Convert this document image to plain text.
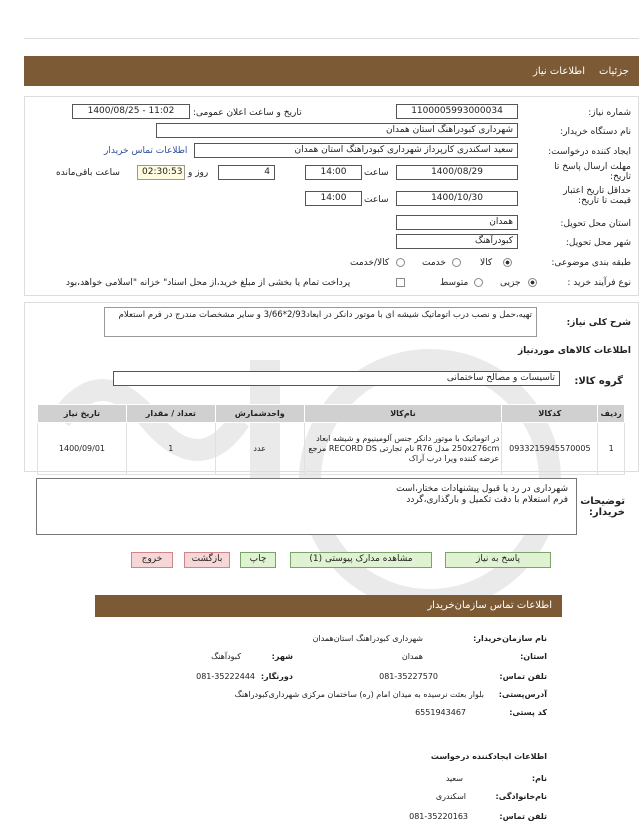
جزئیات
اطلاعات نیاز
شماره نیاز:
1100005993000034
تاریخ و ساعت اعلان عمومی:
1400/08/25 - 11:02
نام دستگاه خریدار:
شهرداری کبودراهنگ استان همدان
ایجاد کننده درخواست:
سعید اسکندری کارپرداز شهرداری کبودراهنگ استان همدان
اطلاعات تماس خریدار
مهلت ارسال پاسخ تا تاریخ:
1400/08/29
ساعت
14:00
4
روز و
02:30:53
ساعت باقی‌مانده
حداقل تاریخ اعتبار قیمت تا تاریخ:
1400/10/30
ساعت
14:00
استان محل تحویل:
همدان
شهر محل تحویل:
کبودرآهنگ
طبقه بندی موضوعی:
کالا
خدمت
کالا/خدمت
نوع فرآیند خرید :
جزیی
متوسط
پرداخت تمام یا بخشی از مبلغ خرید،از محل اسناد" خزانه "اسلامی خواهد،بود
شرح کلی نیاز:
تهیه،حمل و نصب درب اتوماتیک شیشه ای با موتور دانکر در ابعاد2/93*3/66 و سایر مشخصات مندرج در فرم استعلام
اطلاعات کالاهای موردنیاز
گروه کالا:
تاسیسات و مصالح ساختمانی
ردیف	کدکالا	نام‌کالا	واحدشمارش	تعداد / مقدار	تاریخ نیاز
1	0933215945570005	در اتوماتیک با موتور دانکر جنس آلومینیوم و شیشه ابعاد 250x276cm مدل R76 نام تجارتی RECORD DS مرجع عرضه کننده ویرا درب آراک	عدد	1	1400/09/01
توضیحات خریدار:
شهرداری در رد یا قبول پیشنهادات مختار،است
فرم استعلام با دقت تکمیل و بارگذاری،گردد
پاسخ به نیاز
مشاهده مدارک پیوستی (1)
چاپ
بازگشت
خروج
اطلاعات تماس سازمان‌خریدار
نام سازمان‌خریدار:
شهرداری کبودراهنگ استان‌همدان
استان:
همدان
شهر:
کبودآهنگ
تلفن تماس:
081-35227570
دورنگار:
081-35222444
آدرس‌پستی:
بلوار بعثت نرسیده به میدان امام (ره) ساختمان مرکزی شهرداری‌کبودراهنگ
کد پستی:
6551943467
اطلاعات ایجادکننده درخواست
نام:
سعید
نام‌خانوادگی:
اسکندری
تلفن تماس:
081-35220163
